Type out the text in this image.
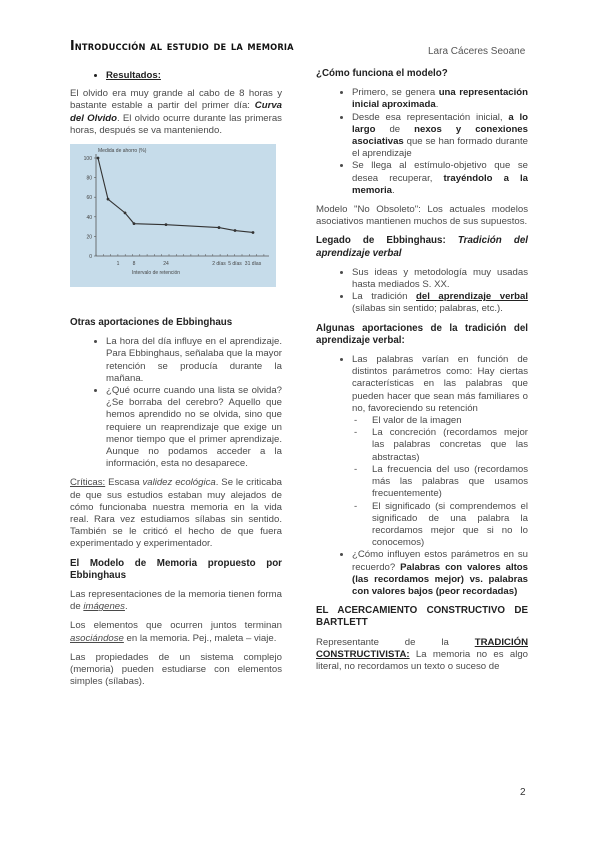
Introducción al estudio de la memoria	Lara Cáceres Seoane
• Resultados:

El olvido era muy grande al cabo de 8 horas y bastante estable a partir del primer día: Curva del Olvido. El olvido ocurre durante las primeras horas, después se va manteniendo.

Medida de ahorro (%)
Intervalo de retención
0
20
40
60
80
100
1	8	24	2 días 5 días 31 días
Otras aportaciones de Ebbinghaus
• La hora del día influye en el aprendizaje. Para Ebbinghaus, señalaba que la mayor retención se producía durante la mañana.
• ¿Qué ocurre cuando una lista se olvida? ¿Se borraba del cerebro? Aquello que hemos aprendido no se olvida, sino que requiere un reaprendizaje que exige un menor tiempo que el primer aprendizaje. Aunque no podamos acceder a la información, esta no desaparece.

Críticas: Escasa validez ecológica. Se le criticaba de que sus estudios estaban muy alejados de cómo funcionaba nuestra memoria en la vida real. Rara vez estudiamos sílabas sin sentido. También se le criticó el hecho de que fuera experimentado y experimentador.

El Modelo de Memoria propuesto por Ebbinghaus

Las representaciones de la memoria tienen forma de imágenes.

Los elementos que ocurren juntos terminan asociándose en la memoria. Pej., maleta – viaje.

Las propiedades de un sistema complejo (memoria) pueden estudiarse con elementos simples (sílabas).

¿Cómo funciona el modelo?
• Primero, se genera una representación inicial aproximada.
• Desde esa representación inicial, a lo largo de nexos y conexiones asociativas que se han formado durante el aprendizaje
• Se llega al estímulo-objetivo que se desea recuperar, trayéndolo a la memoria.

Modelo "No Obsoleto": Los actuales modelos asociativos mantienen muchos de sus supuestos.

Legado de Ebbinghaus: Tradición del aprendizaje verbal
• Sus ideas y metodología muy usadas hasta mediados S. XX.
• La tradición del aprendizaje verbal (sílabas sin sentido; palabras, etc.).
Algunas aportaciones de la tradición del aprendizaje verbal:
• Las palabras varían en función de distintos parámetros como: Hay ciertas características en las palabras que pueden hacer que sean más familiares o no, favoreciendo su retención
- El valor de la imagen
- La concreción (recordamos mejor las palabras concretas que las abstractas)
- La frecuencia del uso (recordamos más las palabras que usamos frecuentemente)
- El significado (si comprendemos el significado de una palabra la recordamos mejor que si no lo conocemos)
• ¿Cómo influyen estos parámetros en su recuerdo? Palabras con valores altos (las recordamos mejor) vs. palabras con valores bajos (peor recordadas)
EL ACERCAMIENTO CONSTRUCTIVO DE BARTLETT

Representante de la TRADICIÓN CONSTRUCTIVISTA: La memoria no es algo literal, no recordamos un texto o suceso de

2
